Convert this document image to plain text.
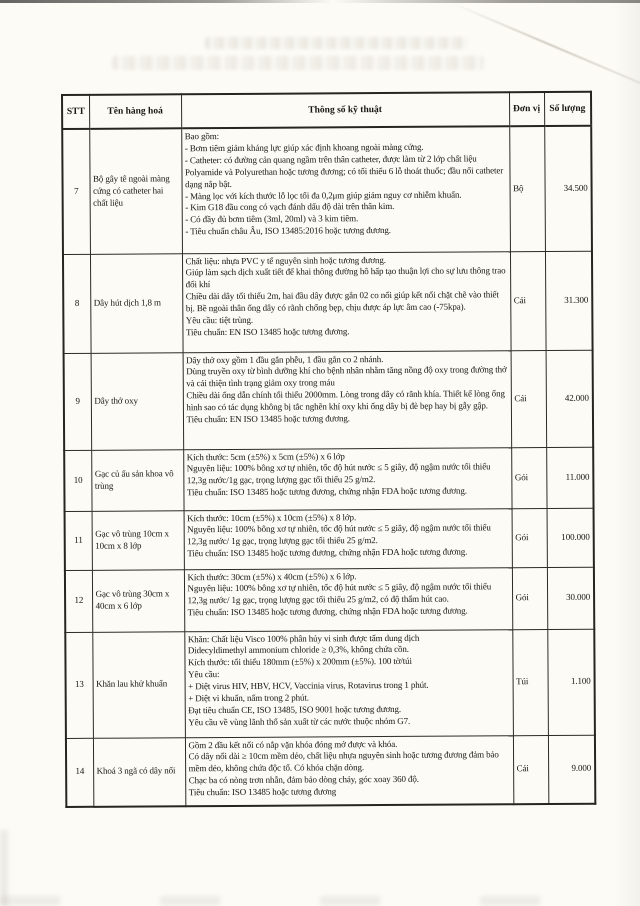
STT	Tên hàng hoá	Thông số kỹ thuật	Đơn vị	Số lượng
7	Bộ gây tê ngoài màng cứng có catheter hai chất liệu	Bao gồm:
- Bơm tiêm giảm kháng lực giúp xác định khoang ngoài màng cứng.
- Catheter: có đường cản quang ngầm trên thân catheter, được làm từ 2 lớp chất liệu Polyamide và Polyurethan hoặc tương đương; có tối thiểu 6 lỗ thoát thuốc; đầu nối catheter dạng nắp bật.
- Màng lọc với kích thước lỗ lọc tối đa 0,2μm giúp giảm nguy cơ nhiễm khuẩn.
- Kim G18 đầu cong có vạch đánh dấu độ dài trên thân kim.
- Có đầy đủ bơm tiêm (3ml, 20ml) và 3 kim tiêm.
- Tiêu chuẩn châu Âu, ISO 13485:2016 hoặc tương đương.	Bộ	34.500
8	Dây hút dịch 1,8 m	Chất liệu: nhựa PVC y tế nguyên sinh hoặc tương đương.
Giúp làm sạch dịch xuất tiết để khai thông đường hô hấp tạo thuận lợi cho sự lưu thông trao đổi khí
Chiều dài dây tối thiểu 2m, hai đầu dây được gắn 02 co nối giúp kết nối chặt chẽ vào thiết bị. Bề ngoài thân ống dây có rãnh chống bẹp, chịu được áp lực âm cao (-75kpa).
Yêu cầu: tiệt trùng.
Tiêu chuẩn: EN ISO 13485 hoặc tương đương.	Cái	31.300
9	Dây thở oxy	Dây thở oxy gồm 1 đầu gắn phễu, 1 đầu gắn co 2 nhánh.
Dùng truyền oxy từ bình dưỡng khí cho bệnh nhân nhằm tăng nồng độ oxy trong đường thở và cải thiện tình trạng giảm oxy trong máu
Chiều dài ống dẫn chính tối thiểu 2000mm. Lòng trong dây có rãnh khía. Thiết kế lòng ống hình sao có tác dụng không bị tắc nghẽn khí oxy khi ống dây bị đè bẹp hay bị gẫy gập.
Tiêu chuẩn: EN ISO 13485 hoặc tương đương.	Cái	42.000
10	Gạc củ ấu sản khoa vô trùng	Kích thước: 5cm (±5%) x 5cm (±5%) x 6 lớp
Nguyên liệu: 100% bông xơ tự nhiên, tốc độ hút nước ≤ 5 giây, độ ngậm nước tối thiểu 12,3g nước/1g gạc, trọng lượng gạc tối thiểu 25 g/m2.
Tiêu chuẩn: ISO 13485 hoặc tương đương, chứng nhận FDA hoặc tương đương.	Gói	11.000
11	Gạc vô trùng 10cm x 10cm x 8 lớp	Kích thước: 10cm (±5%) x 10cm (±5%) x 8 lớp.
Nguyên liệu: 100% bông xơ tự nhiên, tốc độ hút nước ≤ 5 giây, độ ngậm nước tối thiểu 12,3g nước/ 1g gạc, trọng lượng gạc tối thiểu 25 g/m2.
Tiêu chuẩn: ISO 13485 hoặc tương đương, chứng nhận FDA hoặc tương đương.	Gói	100.000
12	Gạc vô trùng 30cm x 40cm x 6 lớp	Kích thước: 30cm (±5%) x 40cm (±5%) x 6 lớp.
Nguyên liệu: 100% bông xơ tự nhiên, tốc độ hút nước ≤ 5 giây, độ ngậm nước tối thiểu 12,3g nước/ 1g gạc, trọng lượng gạc tối thiểu 25 g/m2, có độ thẩm hút cao.
Tiêu chuẩn: ISO 13485 hoặc tương đương, chứng nhận FDA hoặc tương đương.	Gói	30.000
13	Khăn lau khử khuẩn	Khăn: Chất liệu Visco 100% phân hủy vi sinh được tẩm dung dịch
Didecyldimethyl ammonium chloride ≥ 0,3%, không chứa cồn.
Kích thước: tối thiểu 180mm (±5%) x 200mm (±5%). 100 tờ/túi
Yêu cầu:
+ Diệt virus HIV, HBV, HCV, Vaccinia virus, Rotavirus trong 1 phút.
+ Diệt vi khuẩn, nấm trong 2 phút.
Đạt tiêu chuẩn CE, ISO 13485, ISO 9001 hoặc tương đương.
Yêu cầu về vùng lãnh thổ sản xuất từ các nước thuộc nhóm G7.	Túi	1.100
14	Khoá 3 ngã có dây nối	Gồm 2 đầu kết nối có nắp vặn khóa đóng mở được và khóa.
Có dây nối dài ≥ 10cm mềm dẻo, chất liệu nhựa nguyên sinh hoặc tương đương đảm bảo mềm dẻo, không chứa độc tố. Có khóa chặn dòng.
Chạc ba có nòng trơn nhẵn, đảm bảo dòng chảy, góc xoay 360 độ.
Tiêu chuẩn: ISO 13485 hoặc tương đương	Cái	9.000
